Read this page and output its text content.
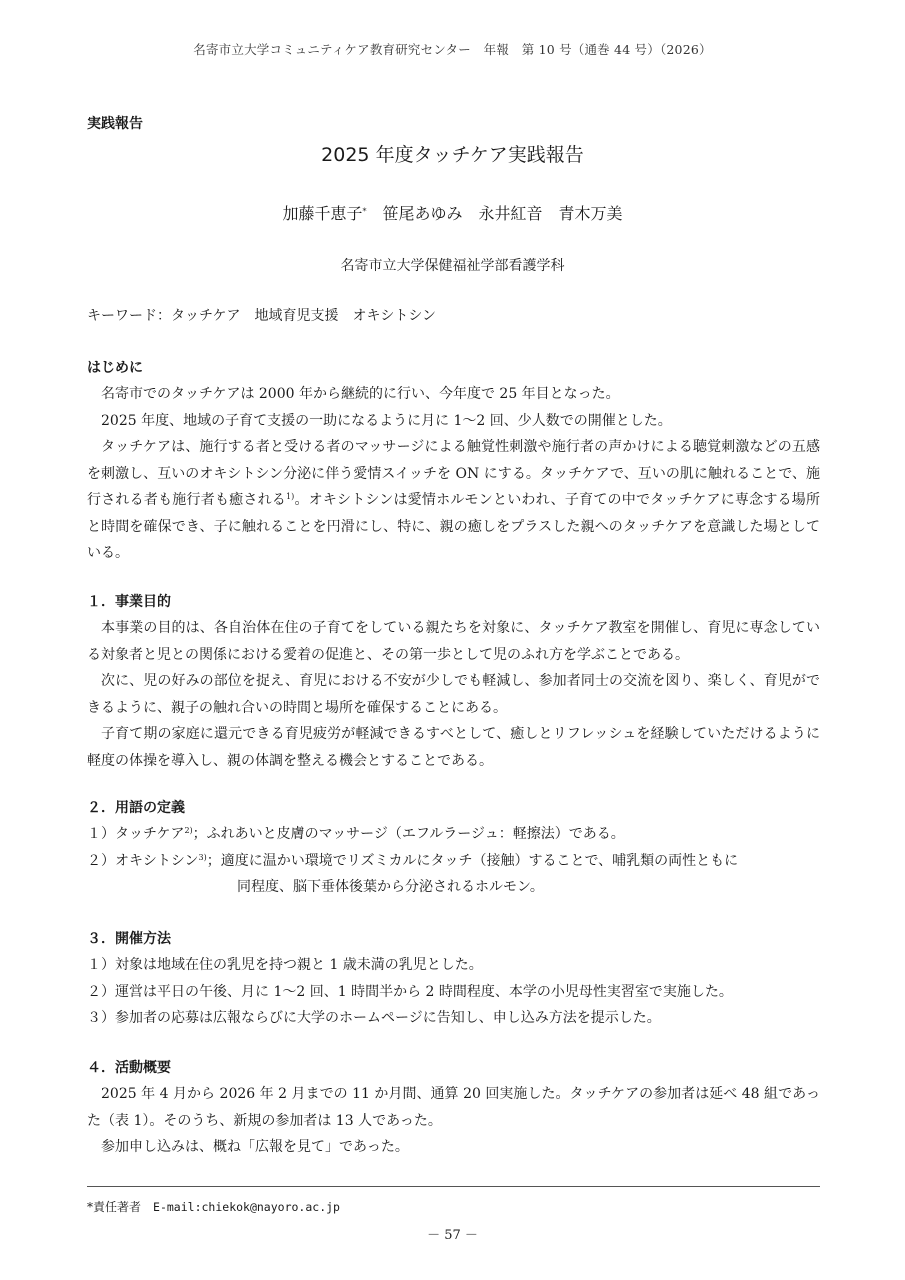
名寄市立大学コミュニティケア教育研究センター　年報　第 10 号（通巻 44 号）（2026）
実践報告
2025 年度タッチケア実践報告
加藤千恵子* 笹尾あゆみ 永井紅音 青木万美
名寄市立大学保健福祉学部看護学科
キーワード：タッチケア 地域育児支援 オキシトシン
はじめに

名寄市でのタッチケアは 2000 年から継続的に行い、今年度で 25 年目となった。

2025 年度、地域の子育て支援の一助になるように月に 1〜2 回、少人数での開催とした。

タッチケアは、施行する者と受ける者のマッサージによる触覚性刺激や施行者の声かけによる聴覚刺激などの五感を刺激し、互いのオキシトシン分泌に伴う愛情スイッチを ON にする。タッチケアで、互いの肌に触れることで、施行される者も施行者も癒される$^{1)}$。オキシトシンは愛情ホルモンといわれ、子育ての中でタッチケアに専念する場所と時間を確保でき、子に触れることを円滑にし、特に、親の癒しをプラスした親へのタッチケアを意識した場としている。

１．事業目的

本事業の目的は、各自治体在住の子育てをしている親たちを対象に、タッチケア教室を開催し、育児に専念している対象者と児との関係における愛着の促進と、その第一歩として児のふれ方を学ぶことである。

次に、児の好みの部位を捉え、育児における不安が少しでも軽減し、参加者同士の交流を図り、楽しく、育児ができるように、親子の触れ合いの時間と場所を確保することにある。

子育て期の家庭に還元できる育児疲労が軽減できるすべとして、癒しとリフレッシュを経験していただけるように軽度の体操を導入し、親の体調を整える機会とすることである。

２．用語の定義
１）タッチケア$^{2)}$；ふれあいと皮膚のマッサージ（エフルラージュ：軽擦法）である。
２）オキシトシン$^{3)}$；適度に温かい環境でリズミカルにタッチ（接触）することで、哺乳類の両性ともに
同程度、脳下垂体後葉から分泌されるホルモン。
３．開催方法
１）対象は地域在住の乳児を持つ親と 1 歳未満の乳児とした。
２）運営は平日の午後、月に 1〜2 回、1 時間半から 2 時間程度、本学の小児母性実習室で実施した。
３）参加者の応募は広報ならびに大学のホームページに告知し、申し込み方法を提示した。
４．活動概要

2025 年 4 月から 2026 年 2 月までの 11 か月間、通算 20 回実施した。タッチケアの参加者は延べ 48 組であった（表 1）。そのうち、新規の参加者は 13 人であった。

参加申し込みは、概ね「広報を見て」であった。

*責任著者　 E-mail:chiekok@nayoro.ac.jp
－ 57 －
